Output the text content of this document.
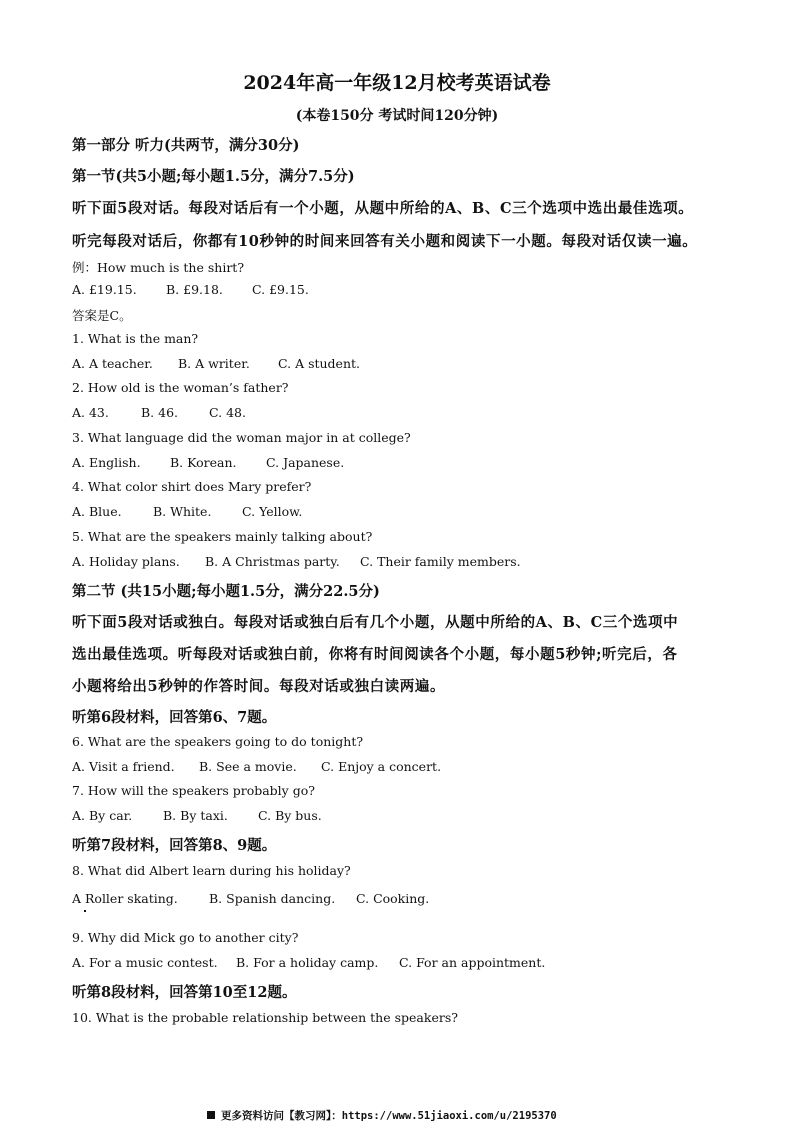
2024年高一年级12月校考英语试卷
(本卷150分 考试时间120分钟)
第一部分 听力(共两节，满分30分)
第一节(共5小题;每小题1.5分，满分7.5分)
听下面5段对话。每段对话后有一个小题，从题中所给的A、B、C三个选项中选出最佳选项。
听完每段对话后，你都有10秒钟的时间来回答有关小题和阅读下一小题。每段对话仅读一遍。
例：How much is the shirt?
A. £19.15. B. £9.18. C. £9.15.
答案是C。
1. What is the man?
A. A teacher. B. A writer. C. A student.
2. How old is the woman’s father?
A. 43.	B. 46. C. 48.
3. What language did the woman major in at college?
A. English. B. Korean. C. Japanese.
4. What color shirt does Mary prefer?
A. Blue.	B. White. C. Yellow.
5. What are the speakers mainly talking about?
A. Holiday plans. B. A Christmas party. C. Their family members.
第二节 (共15小题;每小题1.5分，满分22.5分)
听下面5段对话或独白。每段对话或独白后有几个小题，从题中所给的A、B、C三个选项中
选出最佳选项。听每段对话或独白前，你将有时间阅读各个小题，每小题5秒钟;听完后，各
小题将给出5秒钟的作答时间。每段对话或独白读两遍。
听第6段材料，回答第6、7题。
6. What are the speakers going to do tonight?
A. Visit a friend. B. See a movie. C. Enjoy a concert.
7. How will the speakers probably go?
A. By car. B. By taxi. C. By bus.
听第7段材料，回答第8、9题。
8. What did Albert learn during his holiday?
A Roller skating. B. Spanish dancing. C. Cooking.
9. Why did Mick go to another city?
A. For a music contest. B. For a holiday camp. C. For an appointment.
听第8段材料，回答第10至12题。
10. What is the probable relationship between the speakers?
更多资料访问【教习网】：https://www.51jiaoxi.com/u/2195370
